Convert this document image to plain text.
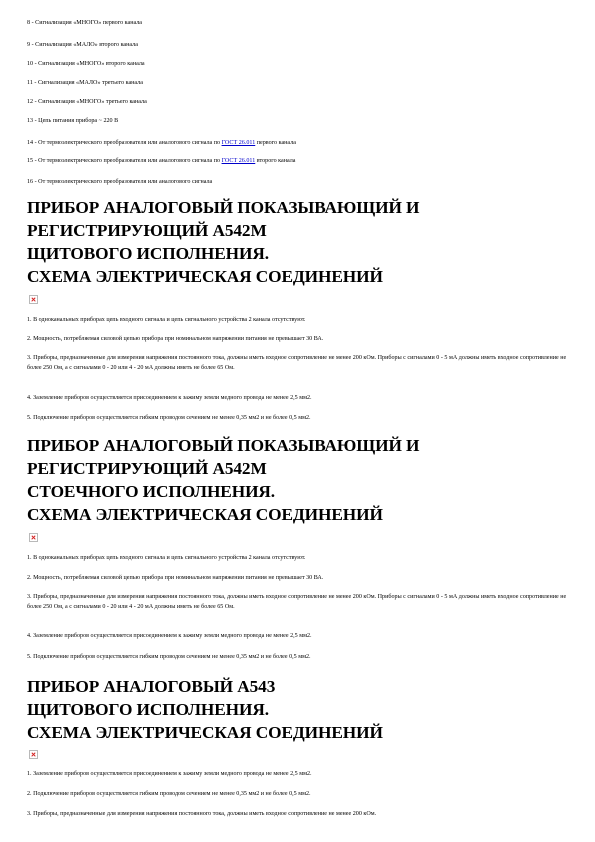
8 - Сигнализация «МНОГО» первого канала
9 - Сигнализация «МАЛО» второго канала
10 - Сигнализация «МНОГО» второго канала
11 - Сигнализация «МАЛО» третьего канала
12 - Сигнализация «МНОГО» третьего канала
13 - Цепь питания прибора ~ 220 В
14 - От термоэлектрического преобразователя или аналогового сигнала по ГОСТ 26.011 первого канала
15 - От термоэлектрического преобразователя или аналогового сигнала по ГОСТ 26.011 второго канала
16 - От термоэлектрического преобразователя или аналогового сигнала
ПРИБОР АНАЛОГОВЫЙ ПОКАЗЫВАЮЩИЙ И
РЕГИСТРИРУЮЩИЙ А542М
ЩИТОВОГО ИСПОЛНЕНИЯ.
СХЕМА ЭЛЕКТРИЧЕСКАЯ СОЕДИНЕНИЙ
1. В одноканальных приборах цепь входного сигнала и цепь сигнального устройства 2 канала отсутствуют.
2. Мощность, потребляемая силовой цепью прибора при номинальном напряжении питания не превышает 30 ВА.
3. Приборы, предназначенные для измерения напряжения постоянного тока, должны иметь входное сопротивление не менее 200 кОм. Приборы с сигналами 0 - 5 мА должны иметь входное сопротивление не более 250 Ом, а с сигналами 0 - 20 или 4 - 20 мА должны иметь не более 65 Ом.
4. Заземление приборов осуществляется присоединением к зажиму земли медного провода не менее 2,5 мм2.
5. Подключение приборов осуществляется гибким проводом сечением не менее 0,35 мм2 и не более 0,5 мм2.
ПРИБОР АНАЛОГОВЫЙ ПОКАЗЫВАЮЩИЙ И
РЕГИСТРИРУЮЩИЙ А542М
СТОЕЧНОГО ИСПОЛНЕНИЯ.
СХЕМА ЭЛЕКТРИЧЕСКАЯ СОЕДИНЕНИЙ
1. В одноканальных приборах цепь входного сигнала и цепь сигнального устройства 2 канала отсутствуют.
2. Мощность, потребляемая силовой цепью прибора при номинальном напряжении питания не превышает 30 ВА.
3. Приборы, предназначенные для измерения напряжения постоянного тока, должны иметь входное сопротивление не менее 200 кОм. Приборы с сигналами 0 - 5 мА должны иметь входное сопротивление не более 250 Ом, а с сигналами 0 - 20 или 4 - 20 мА должны иметь не более 65 Ом.
4. Заземление приборов осуществляется присоединением к зажиму земли медного провода не менее 2,5 мм2.
5. Подключение приборов осуществляется гибким проводом сечением не менее 0,35 мм2 и не более 0,5 мм2.
ПРИБОР АНАЛОГОВЫЙ А543
ЩИТОВОГО ИСПОЛНЕНИЯ.
СХЕМА ЭЛЕКТРИЧЕСКАЯ СОЕДИНЕНИЙ
1. Заземление приборов осуществляется присоединением к зажиму земли медного провода не менее 2,5 мм2.
2. Подключение приборов осуществляется гибким проводом сечением не менее 0,35 мм2 и не более 0,5 мм2.
3. Приборы, предназначенные для измерения напряжения постоянного тока, должны иметь входное сопротивление не менее 200 кОм.
